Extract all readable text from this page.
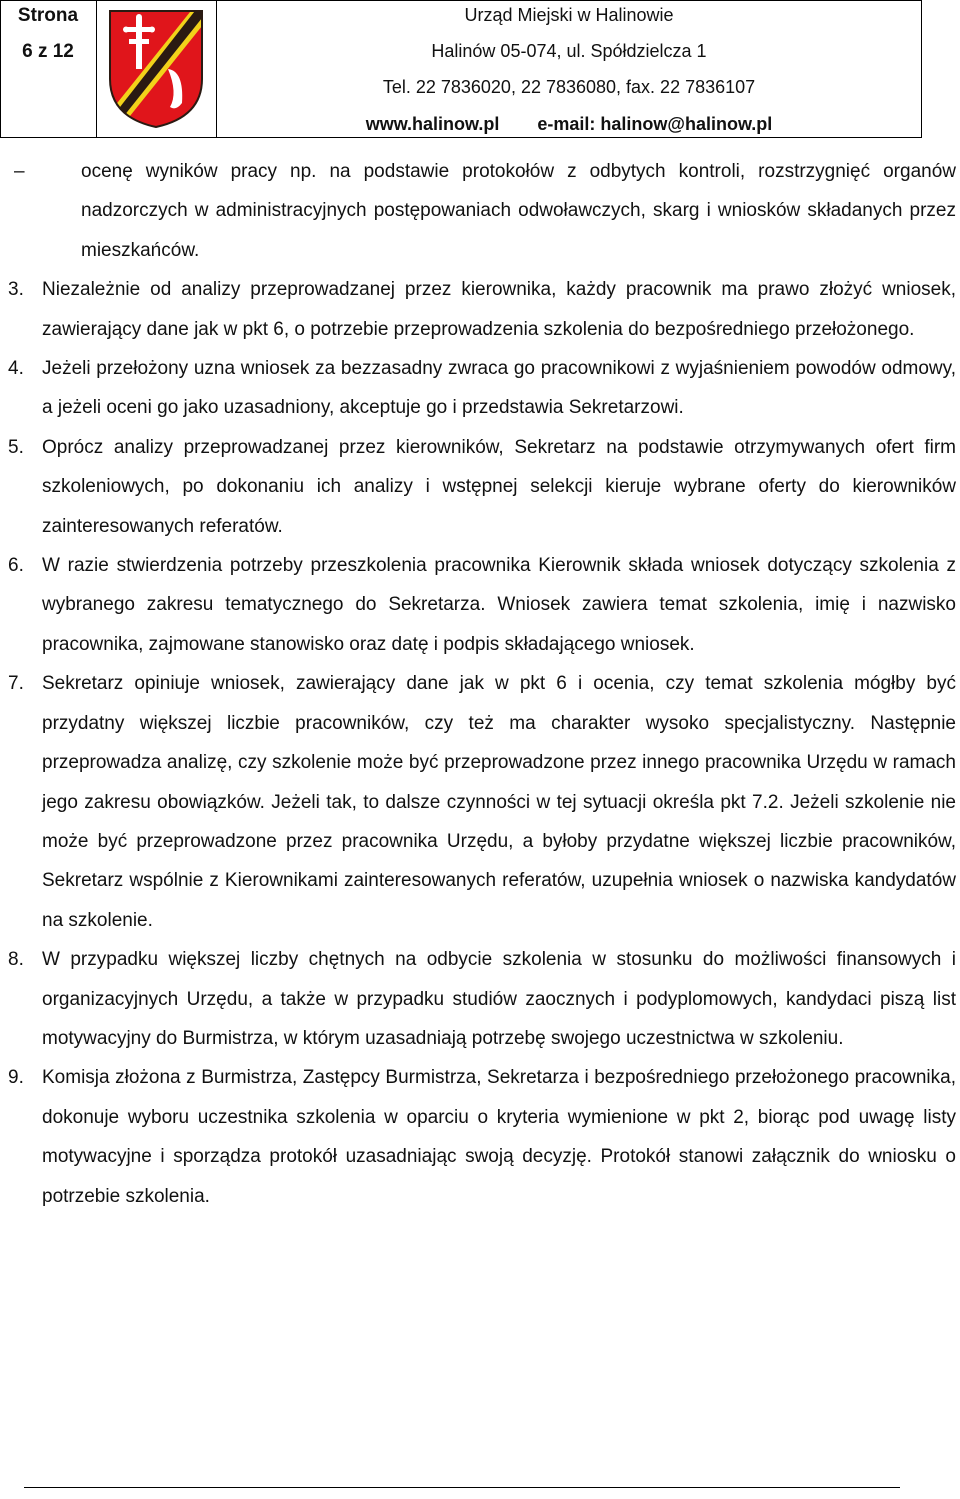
Strona
6 z 12
Urząd Miejski w Halinowie
Halinów 05-074, ul. Spółdzielcza 1
Tel. 22 7836020, 22 7836080, fax. 22 7836107
www.halinow.pl e-mail: halinow@halinow.pl
–	ocenę wyników pracy np. na podstawie protokołów z odbytych kontroli, rozstrzygnięć organów nadzorczych w administracyjnych postępowaniach odwoławczych, skarg i wniosków składanych przez mieszkańców.
3. Niezależnie od analizy przeprowadzanej przez kierownika, każdy pracownik ma prawo złożyć wniosek, zawierający dane jak w pkt 6, o potrzebie przeprowadzenia szkolenia do bezpośredniego przełożonego.
4. Jeżeli przełożony uzna wniosek za bezzasadny zwraca go pracownikowi z wyjaśnieniem powodów odmowy, a jeżeli oceni go jako uzasadniony, akceptuje go i przedstawia Sekretarzowi.
5. Oprócz analizy przeprowadzanej przez kierowników, Sekretarz na podstawie otrzymywanych ofert firm szkoleniowych, po dokonaniu ich analizy i wstępnej selekcji kieruje wybrane oferty do kierowników zainteresowanych referatów.
6. W razie stwierdzenia potrzeby przeszkolenia pracownika Kierownik składa wniosek dotyczący szkolenia z wybranego zakresu tematycznego do Sekretarza. Wniosek zawiera temat szkolenia, imię i nazwisko pracownika, zajmowane stanowisko oraz datę i podpis składającego wniosek.
7. Sekretarz opiniuje wniosek, zawierający dane jak w pkt 6 i ocenia, czy temat szkolenia mógłby być przydatny większej liczbie pracowników, czy też ma charakter wysoko specjalistyczny. Następnie przeprowadza analizę, czy szkolenie może być przeprowadzone przez innego pracownika Urzędu w ramach jego zakresu obowiązków. Jeżeli tak, to dalsze czynności w tej sytuacji określa pkt 7.2. Jeżeli szkolenie nie może być przeprowadzone przez pracownika Urzędu, a byłoby przydatne większej liczbie pracowników, Sekretarz wspólnie z Kierownikami zainteresowanych referatów, uzupełnia wniosek o nazwiska kandydatów na szkolenie.
8. W przypadku większej liczby chętnych na odbycie szkolenia w stosunku do możliwości finansowych i organizacyjnych Urzędu, a także w przypadku studiów zaocznych i podyplomowych, kandydaci piszą list motywacyjny do Burmistrza, w którym uzasadniają potrzebę swojego uczestnictwa w szkoleniu.
9. Komisja złożona z Burmistrza, Zastępcy Burmistrza, Sekretarza i bezpośredniego przełożonego pracownika, dokonuje wyboru uczestnika szkolenia w oparciu o kryteria wymienione w pkt 2, biorąc pod uwagę listy motywacyjne i sporządza protokół uzasadniając swoją decyzję. Protokół stanowi załącznik do wniosku o potrzebie szkolenia.
